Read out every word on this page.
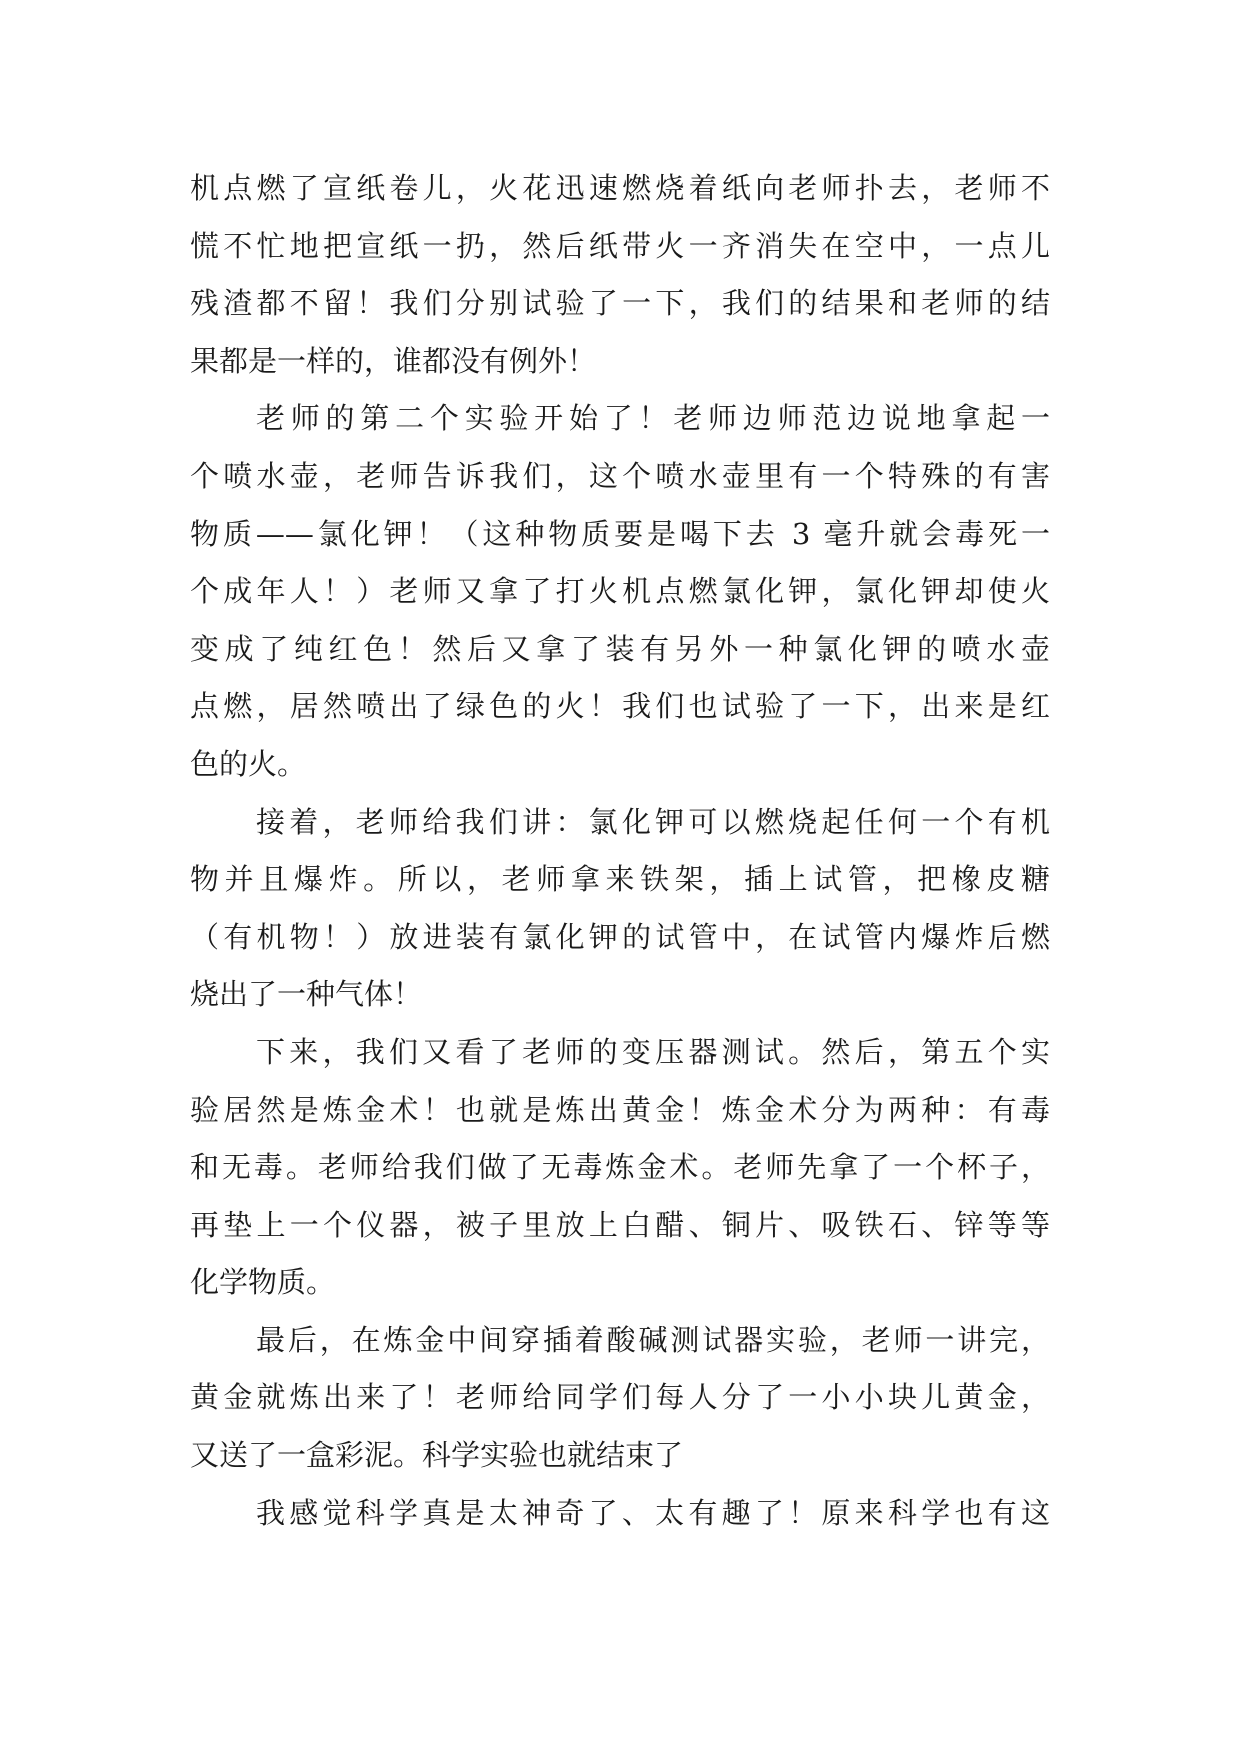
机点燃了宣纸卷儿，火花迅速燃烧着纸向老师扑去，老师不
慌不忙地把宣纸一扔，然后纸带火一齐消失在空中，一点儿
残渣都不留！我们分别试验了一下，我们的结果和老师的结
果都是一样的，谁都没有例外！
老师的第二个实验开始了！老师边师范边说地拿起一
个喷水壶，老师告诉我们，这个喷水壶里有一个特殊的有害
物质——氯化钾！（这种物质要是喝下去 3 毫升就会毒死一
个成年人！）老师又拿了打火机点燃氯化钾，氯化钾却使火
变成了纯红色！然后又拿了装有另外一种氯化钾的喷水壶
点燃，居然喷出了绿色的火！我们也试验了一下，出来是红
色的火。
接着，老师给我们讲：氯化钾可以燃烧起任何一个有机
物并且爆炸。所以，老师拿来铁架，插上试管，把橡皮糖
（有机物！）放进装有氯化钾的试管中，在试管内爆炸后燃
烧出了一种气体！
下来，我们又看了老师的变压器测试。然后，第五个实
验居然是炼金术！也就是炼出黄金！炼金术分为两种：有毒
和无毒。老师给我们做了无毒炼金术。老师先拿了一个杯子，
再垫上一个仪器，被子里放上白醋、铜片、吸铁石、锌等等
化学物质。
最后，在炼金中间穿插着酸碱测试器实验，老师一讲完，
黄金就炼出来了！老师给同学们每人分了一小小块儿黄金，
又送了一盒彩泥。科学实验也就结束了
我感觉科学真是太神奇了、太有趣了！原来科学也有这
